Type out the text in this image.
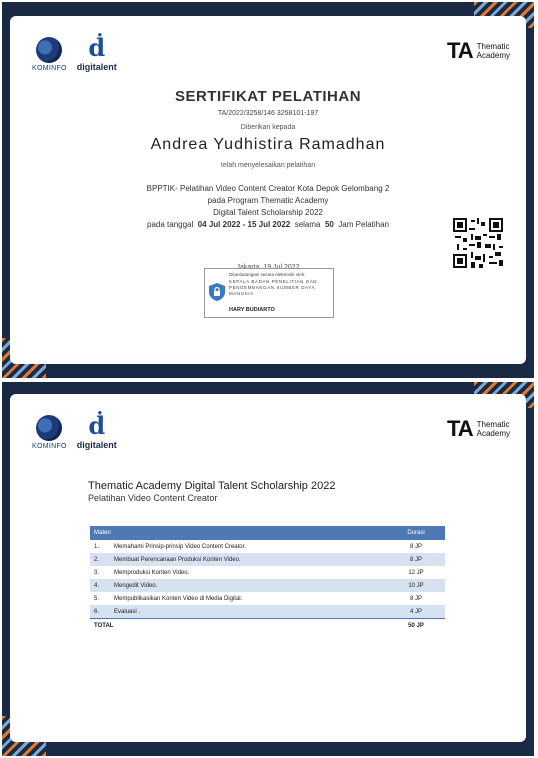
KOMINFO
ḋ
digitalent
TA Thematic
Academy
SERTIFIKAT PELATIHAN
TA/2022/3258/146 3258101-197
Diberikan kepada
Andrea Yudhistira Ramadhan
telah menyelesaikan pelatihan
BPPTIK- Pelatihan Video Content Creator Kota Depok Gelombang 2
pada Program Thematic Academy
Digital Talent Scholarship 2022
pada tanggal 04 Jul 2022 - 15 Jul 2022 selama 50 Jam Pelatihan
Ditandatangani secara elektronik oleh:
KEPALA BADAN PENELITIAN DAN PENGEMBANGAN SUMBER DAYA MANUSIA
HARY BUDIARTO
KOMINFO
ḋ
digitalent
TA Thematic
Academy
Thematic Academy Digital Talent Scholarship 2022
Pelatihan Video Content Creator
Materi		Durasi
1.	Memahami Prinsip-prinsip Video Content Creator.	8 JP
2.	Membuat Perencanaan Produksi Konten Video.	8 JP
3.	Memproduksi Konten Video.	12 JP
4.	Mengedit Video.	10 JP
5.	Mempublikasikan Konten Video di Media Digital.	8 JP
6.	Evaluasi .	4 JP
TOTAL		50 JP
